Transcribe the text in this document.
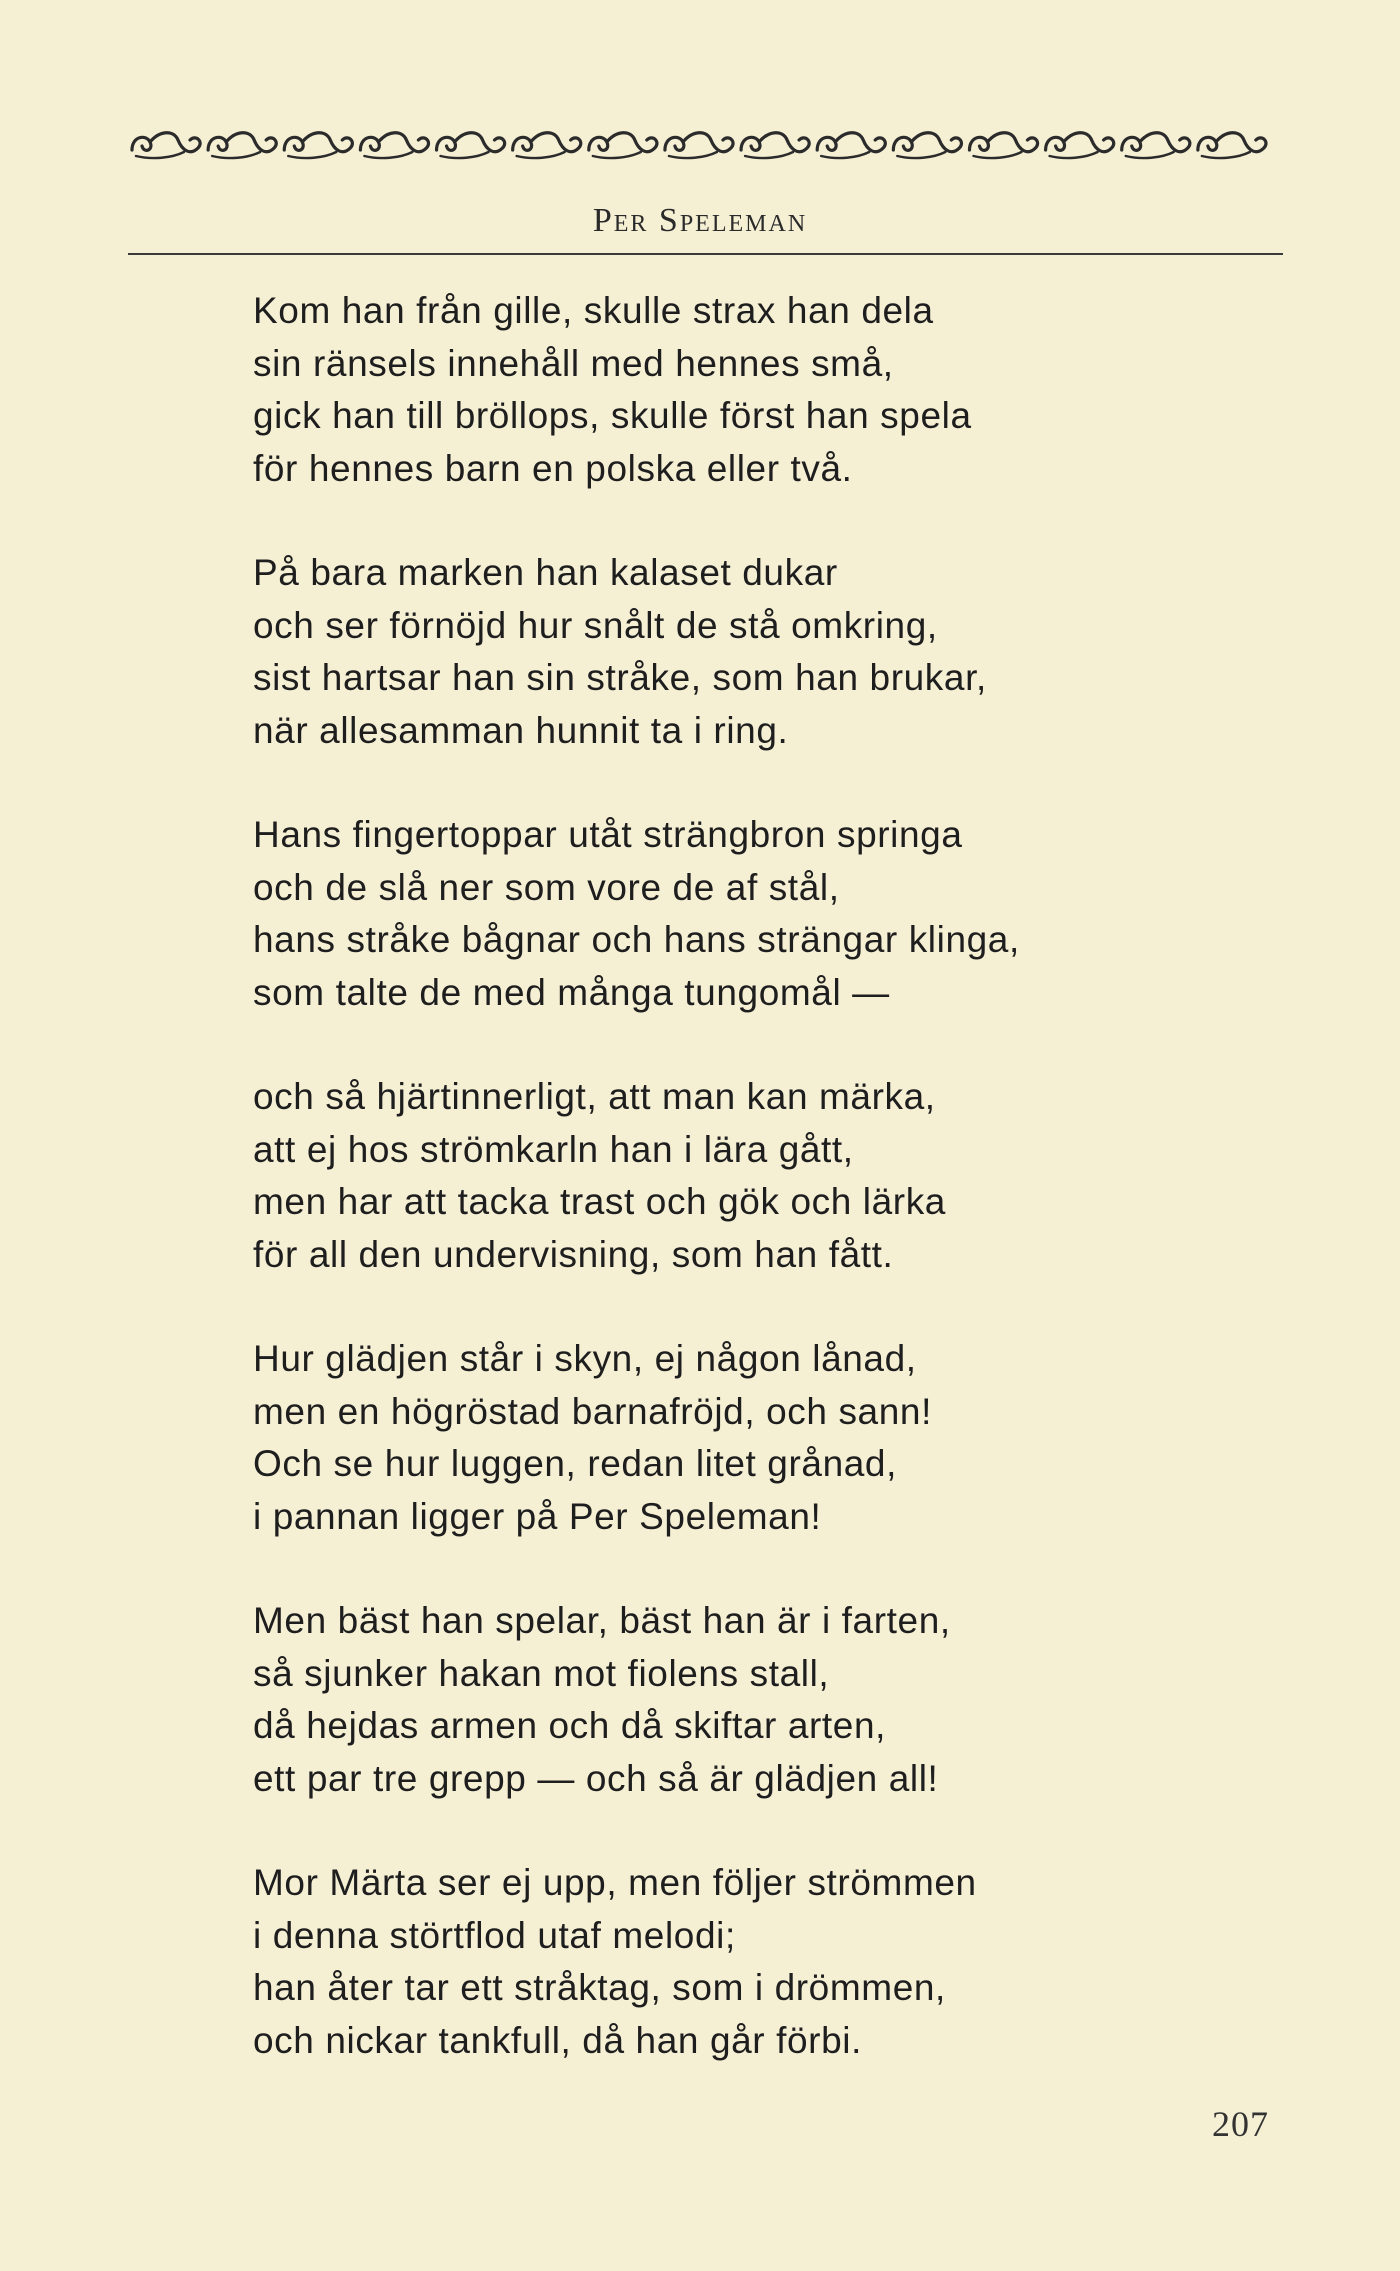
Per Speleman
Kom han från gille, skulle strax han dela
sin ränsels innehåll med hennes små,
gick han till bröllops, skulle först han spela
för hennes barn en polska eller två.
På bara marken han kalaset dukar
och ser förnöjd hur snålt de stå omkring,
sist hartsar han sin stråke, som han brukar,
när allesamman hunnit ta i ring.
Hans fingertoppar utåt strängbron springa
och de slå ner som vore de af stål,
hans stråke bågnar och hans strängar klinga,
som talte de med många tungomål —
och så hjärtinnerligt, att man kan märka,
att ej hos strömkarln han i lära gått,
men har att tacka trast och gök och lärka
för all den undervisning, som han fått.
Hur glädjen står i skyn, ej någon lånad,
men en högröstad barnafröjd, och sann!
Och se hur luggen, redan litet grånad,
i pannan ligger på Per Speleman!
Men bäst han spelar, bäst han är i farten,
så sjunker hakan mot fiolens stall,
då hejdas armen och då skiftar arten,
ett par tre grepp — och så är glädjen all!
Mor Märta ser ej upp, men följer strömmen
i denna störtflod utaf melodi;
han åter tar ett stråktag, som i drömmen,
och nickar tankfull, då han går förbi.
207
